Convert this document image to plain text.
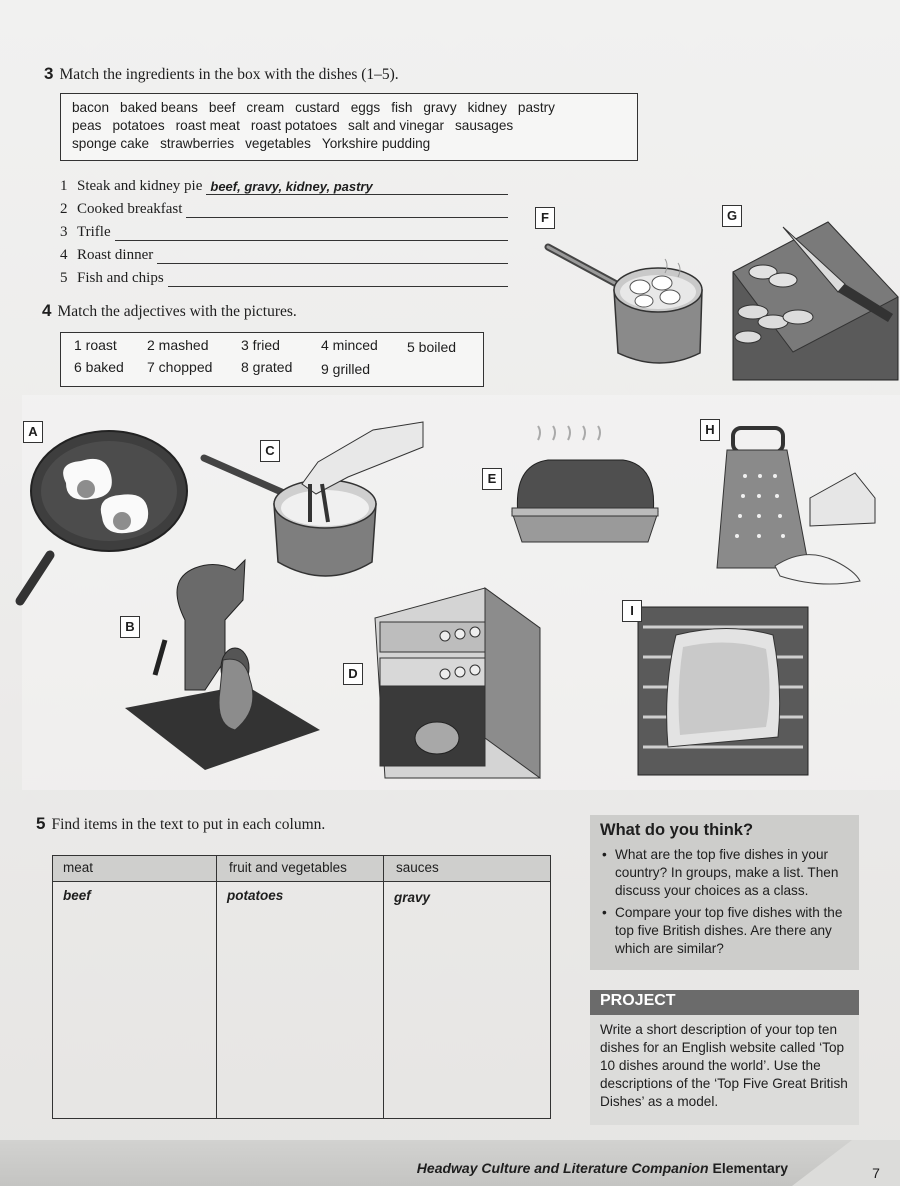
3 Match the ingredients in the box with the dishes (1–5).
bacon baked beans beef cream custard eggs fish gravy kidney pastry
peas potatoes roast meat roast potatoes salt and vinegar sausages
sponge cake strawberries vegetables Yorkshire pudding
1 Steak and kidney pie beef, gravy, kidney, pastry
2 Cooked breakfast
3 Trifle
4 Roast dinner
5 Fish and chips
4 Match the adjectives with the pictures.
1 roast 2 mashed 3 fried	4 minced 5 boiled
6 baked 7 chopped 8 grated 9 grilled
A
B
C
D
E
F	G
H
I
5 Find items in the text to put in each column.
meat	fruit and vegetables	sauces
beef	potatoes	gravy
What do you think?
• What are the top five dishes in your country? In groups, make a list. Then discuss your choices as a class.
• Compare your top five dishes with the top five British dishes. Are there any which are similar?
PROJECT
Write a short description of your top ten dishes for an English website called ‘Top 10 dishes around the world’. Use the descriptions of the ‘Top Five Great British Dishes’ as a model.
7
Headway Culture and Literature Companion Elementary
